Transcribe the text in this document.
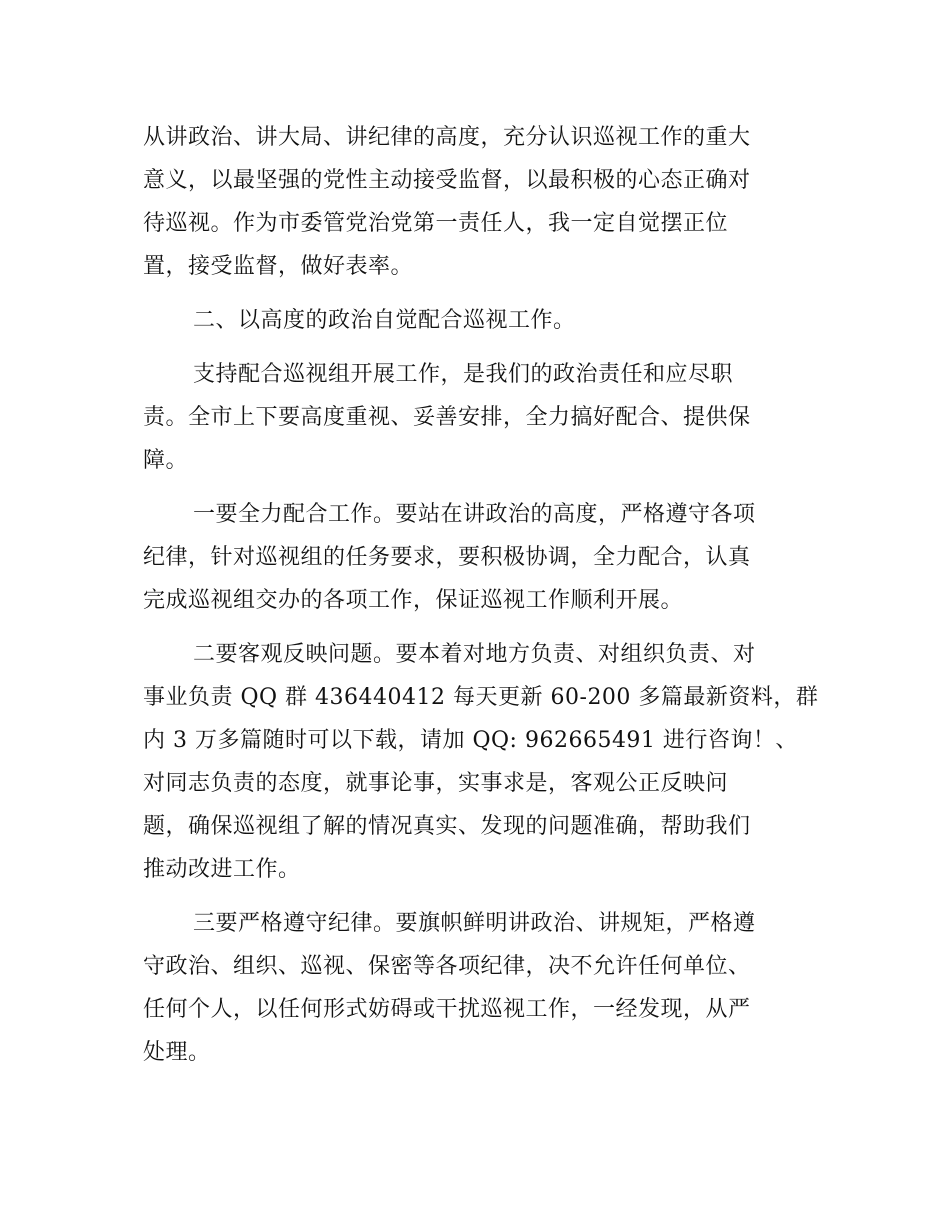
从讲政治、讲大局、讲纪律的高度，充分认识巡视工作的重大

意义，以最坚强的党性主动接受监督，以最积极的心态正确对

待巡视。作为市委管党治党第一责任人，我一定自觉摆正位

置，接受监督，做好表率。

二、以高度的政治自觉配合巡视工作。

支持配合巡视组开展工作，是我们的政治责任和应尽职

责。全市上下要高度重视、妥善安排，全力搞好配合、提供保

障。

一要全力配合工作。要站在讲政治的高度，严格遵守各项

纪律，针对巡视组的任务要求，要积极协调，全力配合，认真

完成巡视组交办的各项工作，保证巡视工作顺利开展。

二要客观反映问题。要本着对地方负责、对组织负责、对

事业负责 QQ 群 436440412 每天更新 60-200 多篇最新资料，群

内 3 万多篇随时可以下载，请加 QQ: 962665491 进行咨询！、

对同志负责的态度，就事论事，实事求是，客观公正反映问

题，确保巡视组了解的情况真实、发现的问题准确，帮助我们

推动改进工作。

三要严格遵守纪律。要旗帜鲜明讲政治、讲规矩，严格遵

守政治、组织、巡视、保密等各项纪律，决不允许任何单位、

任何个人，以任何形式妨碍或干扰巡视工作，一经发现，从严

处理。
